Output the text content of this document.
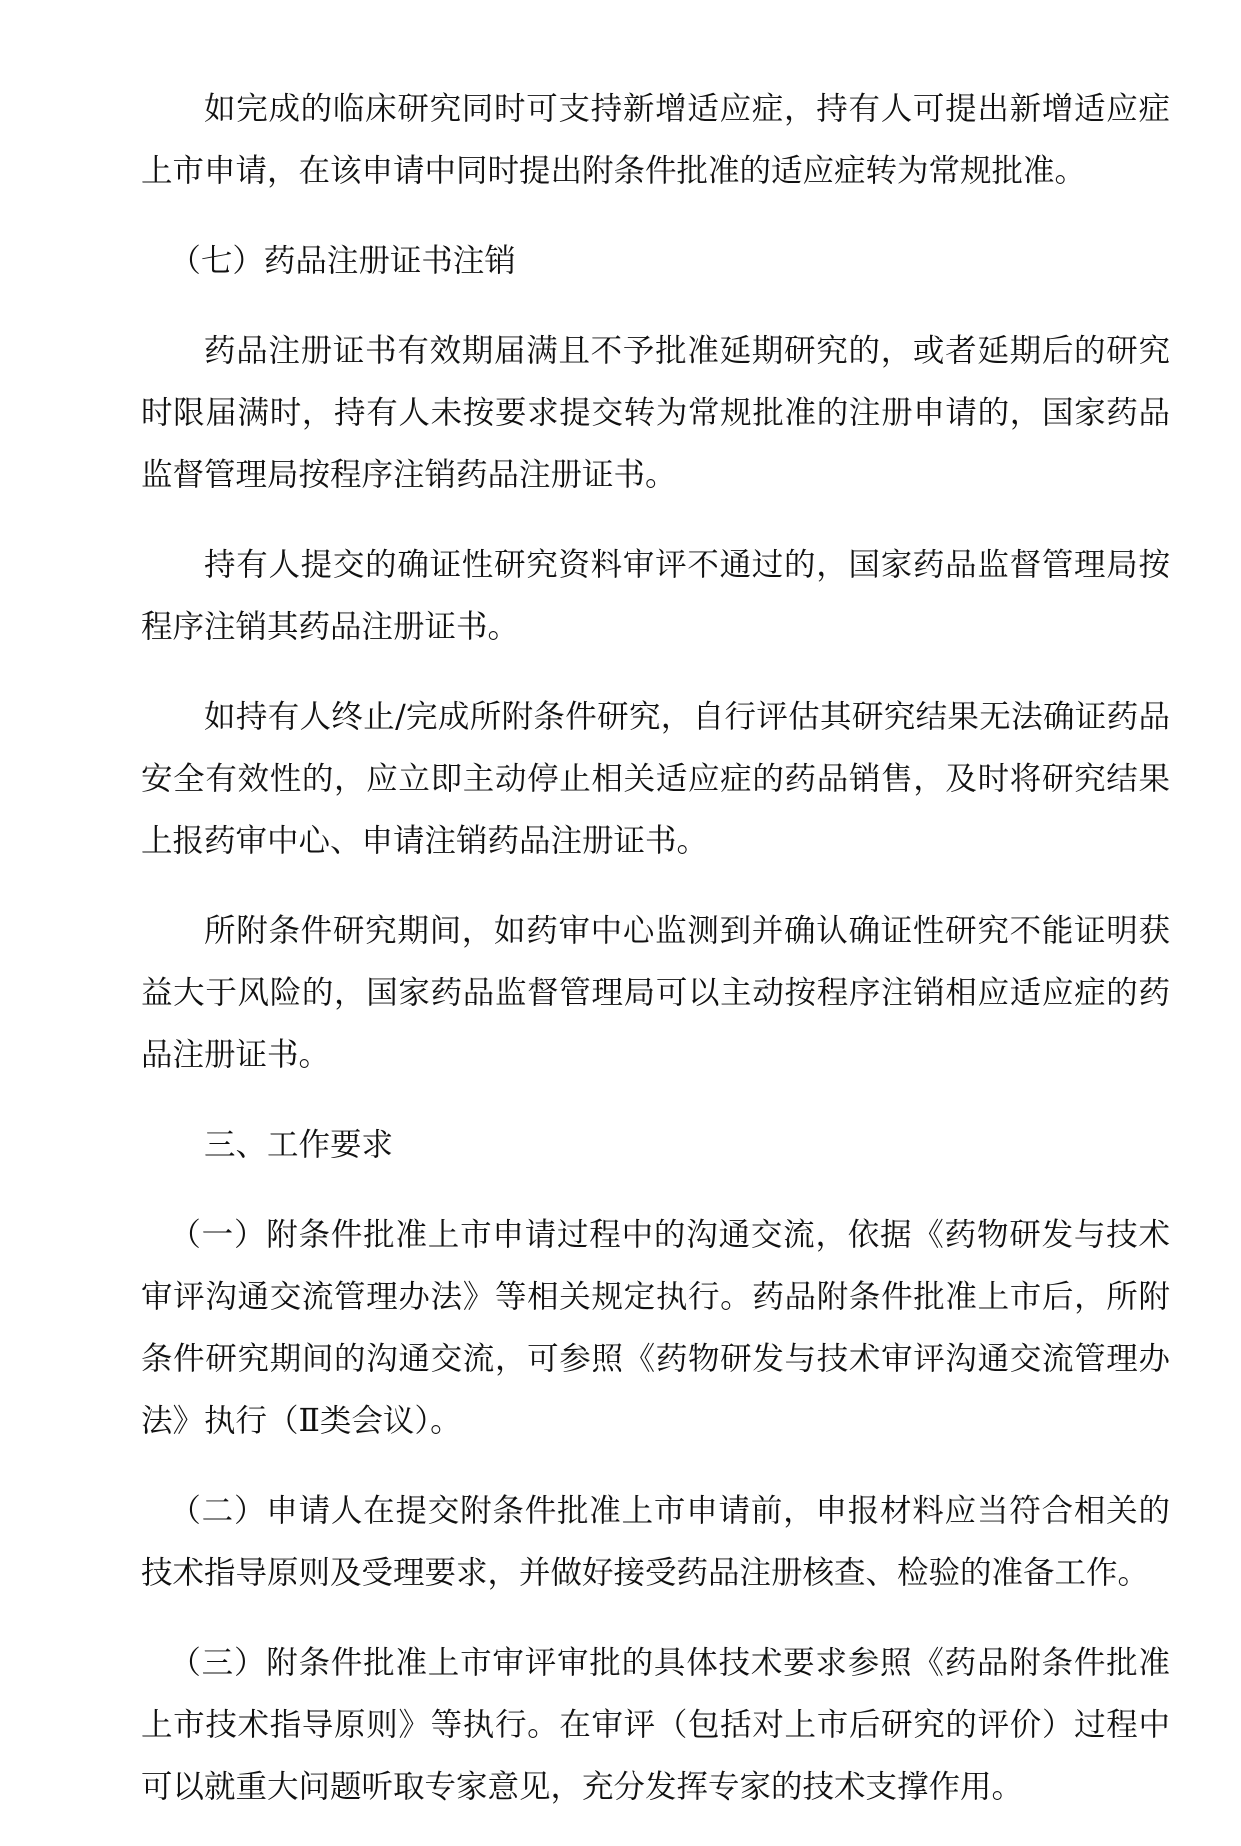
如完成的临床研究同时可支持新增适应症，持有人可提出新增适应症上市申请，在该申请中同时提出附条件批准的适应症转为常规批准。

（七）药品注册证书注销

药品注册证书有效期届满且不予批准延期研究的，或者延期后的研究时限届满时，持有人未按要求提交转为常规批准的注册申请的，国家药品监督管理局按程序注销药品注册证书。

持有人提交的确证性研究资料审评不通过的，国家药品监督管理局按程序注销其药品注册证书。

如持有人终止/完成所附条件研究，自行评估其研究结果无法确证药品安全有效性的，应立即主动停止相关适应症的药品销售，及时将研究结果上报药审中心、申请注销药品注册证书。

所附条件研究期间，如药审中心监测到并确认确证性研究不能证明获益大于风险的，国家药品监督管理局可以主动按程序注销相应适应症的药品注册证书。

三、工作要求

（一）附条件批准上市申请过程中的沟通交流，依据《药物研发与技术审评沟通交流管理办法》等相关规定执行。药品附条件批准上市后，所附条件研究期间的沟通交流，可参照《药物研发与技术审评沟通交流管理办法》执行（Ⅱ类会议）。

（二）申请人在提交附条件批准上市申请前，申报材料应当符合相关的技术指导原则及受理要求，并做好接受药品注册核查、检验的准备工作。

（三）附条件批准上市审评审批的具体技术要求参照《药品附条件批准上市技术指导原则》等执行。在审评（包括对上市后研究的评价）过程中可以就重大问题听取专家意见，充分发挥专家的技术支撑作用。
